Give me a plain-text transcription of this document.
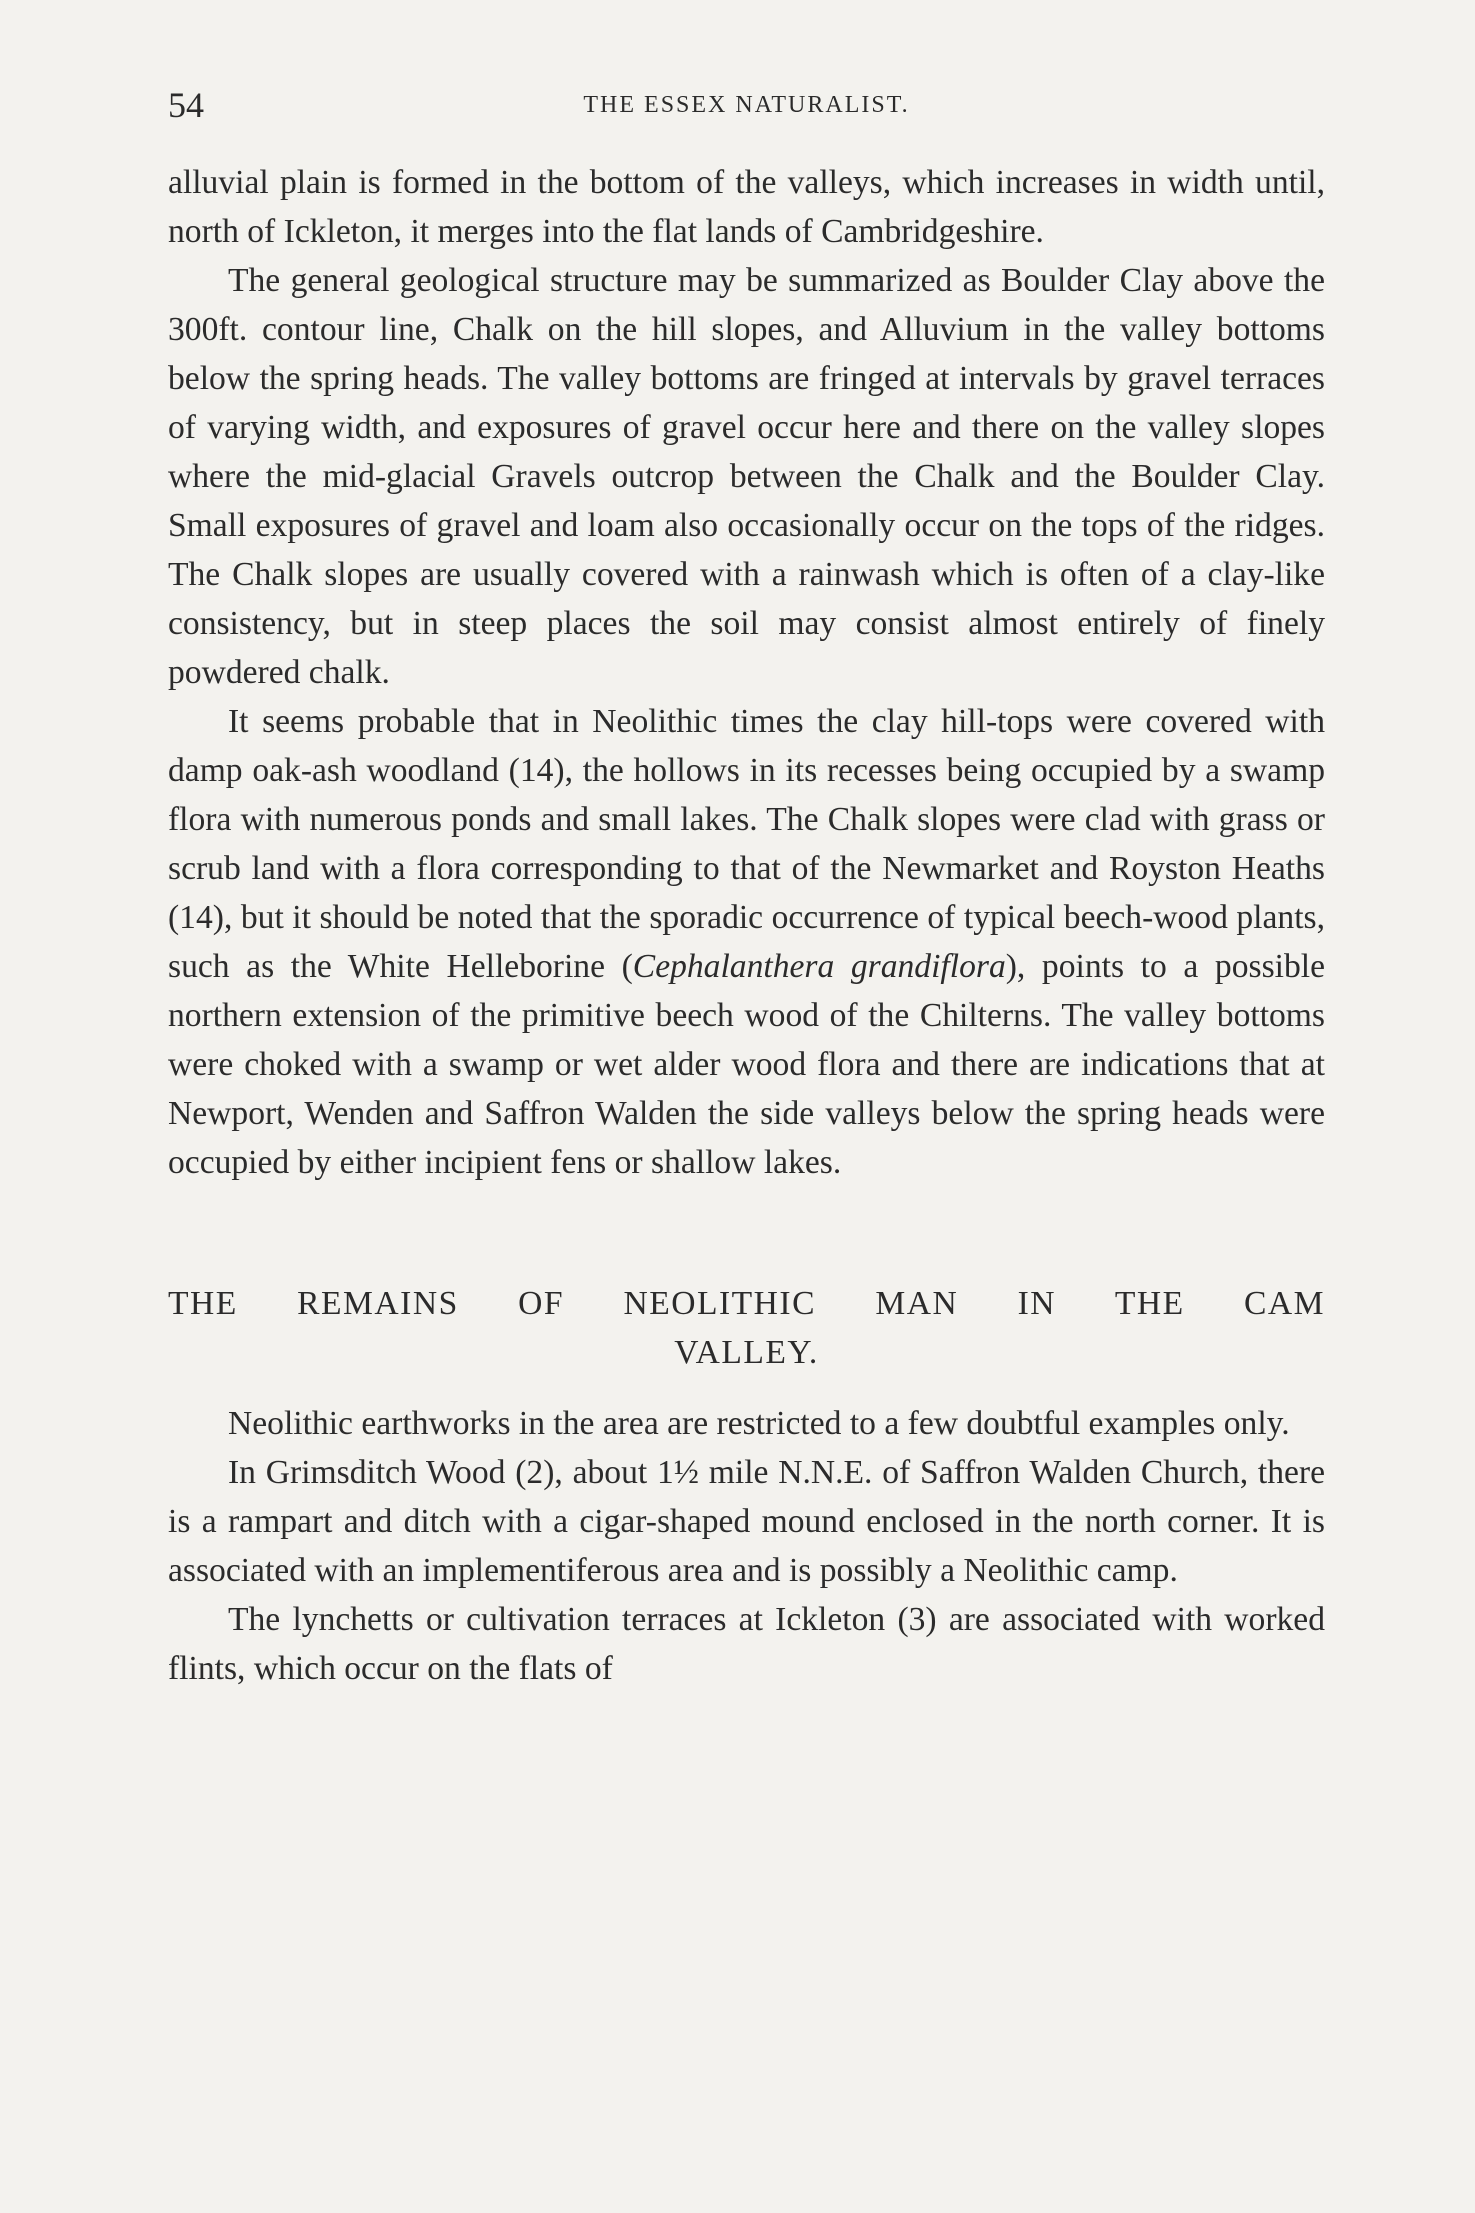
54	THE ESSEX NATURALIST.

alluvial plain is formed in the bottom of the valleys, which increases in width until, north of Ickleton, it merges into the flat lands of Cambridgeshire.

The general geological structure may be summarized as Boulder Clay above the 300ft. contour line, Chalk on the hill slopes, and Alluvium in the valley bottoms below the spring heads. The valley bottoms are fringed at intervals by gravel terraces of varying width, and exposures of gravel occur here and there on the valley slopes where the mid-glacial Gravels outcrop between the Chalk and the Boulder Clay. Small exposures of gravel and loam also occasionally occur on the tops of the ridges. The Chalk slopes are usually covered with a rainwash which is often of a clay-like consistency, but in steep places the soil may consist almost entirely of finely powdered chalk.

It seems probable that in Neolithic times the clay hill-tops were covered with damp oak-ash woodland (14), the hollows in its recesses being occupied by a swamp flora with numerous ponds and small lakes. The Chalk slopes were clad with grass or scrub land with a flora corresponding to that of the Newmarket and Royston Heaths (14), but it should be noted that the sporadic occurrence of typical beech-wood plants, such as the White Helleborine (Cephalanthera grandiflora), points to a possible northern extension of the primitive beech wood of the Chilterns. The valley bottoms were choked with a swamp or wet alder wood flora and there are indications that at Newport, Wenden and Saffron Walden the side valleys below the spring heads were occupied by either incipient fens or shallow lakes.

THE REMAINS OF NEOLITHIC MAN IN THE CAM
VALLEY.

Neolithic earthworks in the area are restricted to a few doubtful examples only.

In Grimsditch Wood (2), about 1½ mile N.N.E. of Saffron Walden Church, there is a rampart and ditch with a cigar-shaped mound enclosed in the north corner. It is associated with an implementiferous area and is possibly a Neolithic camp.

The lynchetts or cultivation terraces at Ickleton (3) are associated with worked flints, which occur on the flats of
